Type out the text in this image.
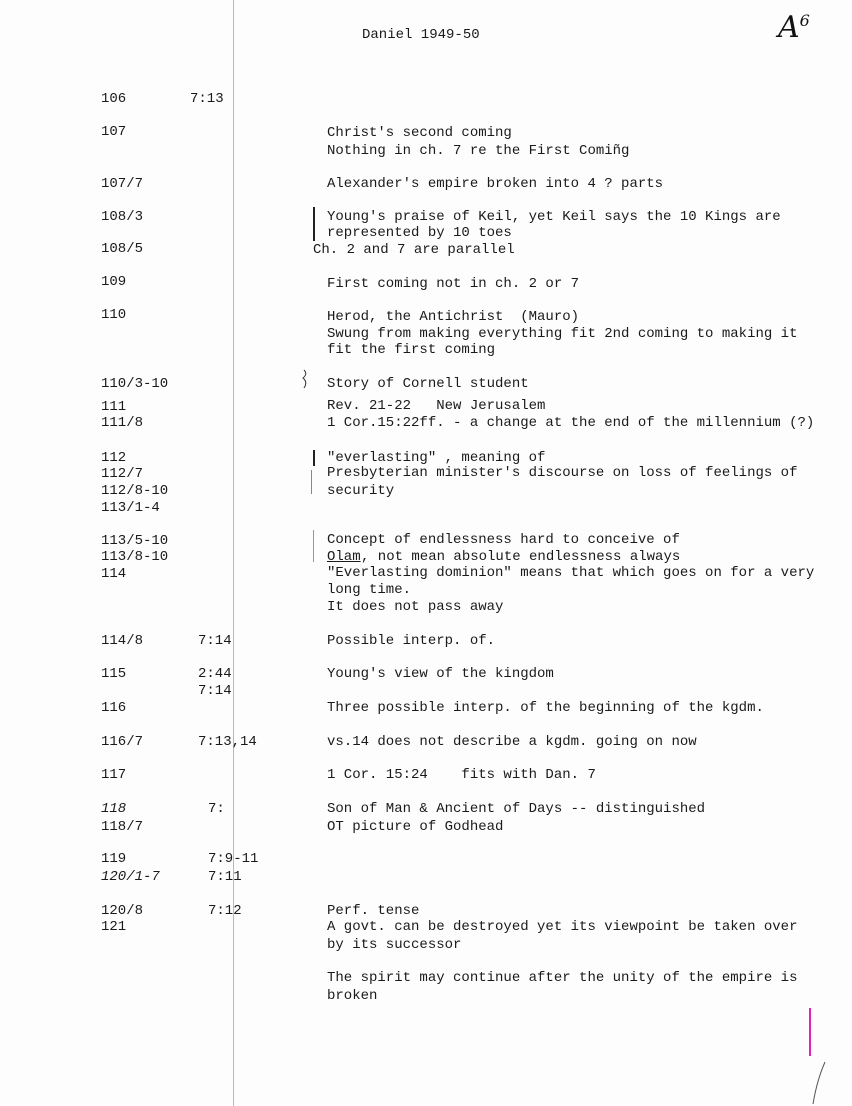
Daniel 1949-50	$A^6$
106
107
107/7
108/3
108/5
109
110
110/3-10
111
111/8
112
112/7
112/8-10
113/1-4
113/5-10
113/8-10
114
114/8
115
116
116/7
117
118
118/7
119
120/1-7
120/8
121
7:13
7:14
2:44
7:14
7:13,14
7:
7:9-11
7:11
7:12
Christ's second coming
Nothing in ch. 7 re the First Comiñg
Alexander's empire broken into 4 ? parts
Young's praise of Keil, yet Keil says the 10 Kings are
represented by 10 toes
Ch. 2 and 7 are parallel
First coming not in ch. 2 or 7
Herod, the Antichrist  (Mauro)
Swung from making everything fit 2nd coming to making it
fit the first coming
Story of Cornell student
Rev. 21-22   New Jerusalem
1 Cor.15:22ff. - a change at the end of the millennium (?)
"everlasting" , meaning of
Presbyterian minister's discourse on loss of feelings of
security
Concept of endlessness hard to conceive of
Olam , not mean absolute endlessness always
"Everlasting dominion" means that which goes on for a very
long time.
It does not pass away
Possible interp. of.
Young's view of the kingdom
Three possible interp. of the beginning of the kgdm.
vs.14 does not describe a kgdm. going on now
1 Cor. 15:24    fits with Dan. 7
Son of Man & Ancient of Days -- distinguished
OT picture of Godhead
Perf. tense
A govt. can be destroyed yet its viewpoint be taken over
by its successor
The spirit may continue after the unity of the empire is
broken
